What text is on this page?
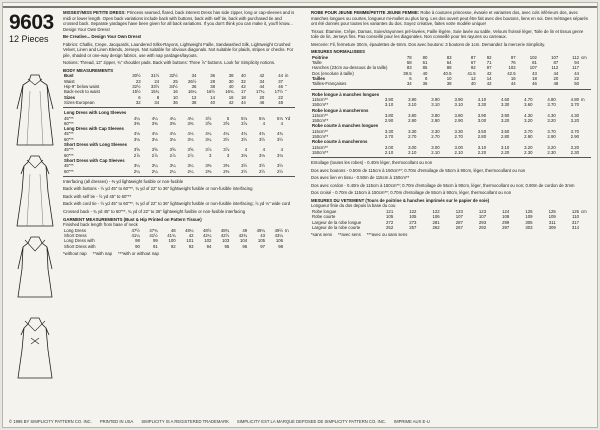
9603
12 Pieces

MISSES'/MISS PETITE DRESS: Princess seamed, flared, back interest Dress has side zipper, long or cap-sleeves and is midi or lower length. Open back variations include back with buttons, back with self tie, back with purchased tie and crossed back. Separate yardages have been given for all back variations. If you don't think you can make it, you'll know... Design Your Own Dress!

Be Creative... Design Your Own Dress!

Fabrics: Challis, Crepe, Jacquards, Laundered Silks-Rayons, Lightweight Faille, Sandwashed Silk, Lightweight Crushed Velvet, Linen and Linen Blends, Jerseys. Not suitable for obvious diagonals. Not suitable for plaids, stripes or checks. For pile, shaded or one-way design fabrics, use with nap yardages/layouts.

Notions: Thread, 12" zipper, ¾" shoulder pads. Back with buttons: Three ⅞" buttons. Look for Simplicity notions.

BODY MEASUREMENTS
Bust	30½	31½	32½	34	36	38	40	42	44	in
Waist	23	24	25	26½	28	30	32	34	37	
Hip-9" below waist	32½	33½	34½	36	38	40	42	44	46	"
Back-neck to waist	15½	15¾	16	16¼	16½	16¾	17	17¼	17½	"
Sizes	6	8	10	12	14	16	18	20	22	
Sizes-European	32	34	36	38	40	42	44	46	48	
Long Dress with Long Sleeves										
45"**	4¼	4¼	4¼	4¼	4½	5	5⅛	5⅛	5⅛	Yd
60"**	3⅜	3⅜	3⅜	3⅜	3⅝	3⅝	3⅞	4	4	
Long Dress with Cap Sleeves										
45"**	4⅛	4⅛	4⅛	4⅛	4¼	4¼	4¾	4¾	4¾	
60"**	3⅛	3⅛	3⅛	3⅛	3¼	3½	3½	3½	3½	
Short Dress with Long Sleeves										
45"**	3⅝	3⅝	3⅝	3⅝	3⅞	3⅞	4	4	4	
60"**	2⅞	2⅞	2⅞	2⅞	3	3	3⅛	3⅛	3⅛	
Short Dress with Cap Sleeves										
45"**	3¼	3¼	3¼	3¼	3⅜	3⅜	3½	3½	3½	
60"**	2¼	2¼	2¼	2¼	2⅜	2⅜	2½	2½	2½	

Interfacing (all dresses) - ⅜ yd lightweight fusible or non-fusible

Back with buttons - ½ yd 45" to 60"**, ¾ yd of 22" to 36" lightweight fusible or non-fusible interfacing

Back with self tie - ½ yd 45" to 60"**

Back with cord tie - ½ yd 45" to 60"**, ¾ yd of 22" to 36" lightweight fusible or non-fusible interfacing; ⅞ yd ⅛" wide cord

Crossed back - ¾ yd 45" to 60"**, ¾ yd of 22" to 36" lightweight fusible or non-fusible interfacing

GARMENT MEASUREMENTS (Bust & Hip Printed on Pattern Tissue)
Finished back length from base of neck
Long Dress	47½	47¾	48	48¼	48½	48¾	49	49¼	49½	In
Short Dress	41¼	41½	41¾	42	42¼	42½	42¾	43	43¼	
Long Dress with	98	99	100	101	102	103	104	105	106	
Short Dress with	90	91	92	93	94	95	96	97	98	
*without nap **with nap ***with or without nap

ROBE POUR JEUNE FEMME/PETITE JEUNE FEMME: Robe à coutures princesse, évasée et variantes dos, avec cols inférieurs dos, avec manches longues ou courtes, longueur mi-mollet ou plus long. Les dos ouvert peut être fait avec des boutons, liens en soi. Des métrages séparés ont été donnés pour toutes les variantes du dos. Soyez créative, faites votre modèle unique!

Tissus: Étamine, Crêpe, Damas, Soies/rayonnes pré-lavées, Faille légère, Soie lavée au sable, Velours froissé léger, Toile de lin et tissus genre toile de lin, Jerseys fins. Pas conseillé pour les diagonales. Non conseillé pour les rayures ou carreaux.

Mercerie: Fil, fermeture 30cm, épaulettes de 6mm. Dos avec boutons: 3 boutons de 1cm. Demandez la mercerie Simplicity.

MESURES NORMALISEES
Poitrine	78	80	83	87	92	97	102	107	112	cm
Taille	58	61	64	67	71	76	81	87	94	
Hanches (23cm au-dessous de la taille)	83	85	88	92	97	102	107	112	117	
Dos (encolure à taille)	39.5	40	40.5	41.5	42	42.5	43	44	44	
Tailles	6	8	10	12	14	16	18	20	22	
Tailles-Françaises	34	36	38	40	42	44	46	48	50	
Robe longue à manches longues										
115cm**	3.90	3.90	3.90	3.90	4.10	4.60	4.70	4.80	4.80	m
150cm**	3.10	3.10	3.10	3.10	3.30	3.30	3.60	3.70	3.70	
Robe longue à mancherons										
115cm**	3.80	3.80	3.80	3.80	3.90	3.90	4.30	4.30	4.30	
150cm**	2.90	2.90	2.90	2.90	3.00	3.20	3.20	3.20	3.20	
Robe courte à manches longues										
115cm**	3.30	3.30	3.30	3.30	3.50	3.50	3.70	3.70	3.70	
150cm**	2.70	2.70	2.70	2.70	2.80	2.80	2.90	2.90	2.90	
Robe courte à mancherons										
115cm**	3.00	3.00	3.00	3.00	3.10	3.10	3.20	3.20	3.20	
150cm**	2.10	2.10	2.10	2.10	2.20	2.20	2.30	2.30	2.30	

Entoilage (toutes les robes) - 0.40m léger, thermocollant ou non

Dos avec boutons - 0.50m de 115cm à 150cm**; 0.70m d'entoilage de 55cm à 90cm, léger, thermocollant ou non

Dos avec lien en tissu - 0.50m de 115cm à 150cm**

Dos avec cordon - 0.40m de 115cm à 150cm**; 0.70m d'entoilage de 55cm à 90cm, léger, thermocollant ou non; 0.80m de cordon de 3mm

Dos croisé - 0.70m de 115cm à 150cm**; 0.70m d'entoilage de 55cm à 90cm, léger, thermocollant ou non

MESURES DU VETEMENT (Tours de poitrine & hanches imprimés sur le papier de soie)
Longueur finie du dos depuis la base du cou
Robe longue	121	122	122	123	123	124	125	125	126	cm
Robe courte	105	105	106	107	107	108	109	109	110	
Largeur de la robe longue	272	273	281	287	293	299	305	311	317	
Largeur de la robe courte	252	257	262	267	292	297	303	309	314	
*sans sens **avec sens ***avec ou sans sens
© 1995 BY SIMPLICITY PATTERN CO. INC. PRINTED IN USA SIMPLICITY IS A REGISTERED TRADEMARK SIMPLICITY EST LA MARQUE DEPOSEE DE SIMPLICITY PATTERN CO. INC. IMPRIME AUX E-U
